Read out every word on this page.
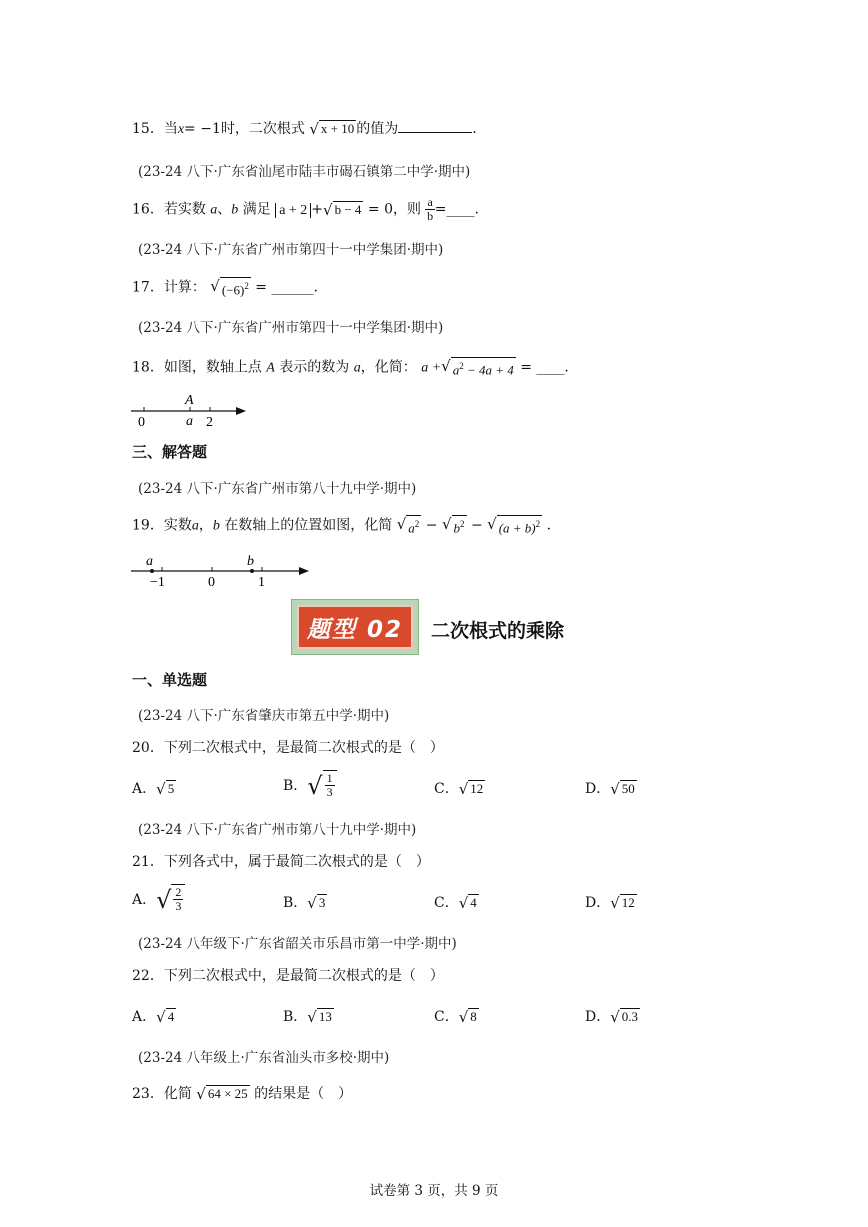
15．当x= −1时，二次根式 √ x + 10 的值为	.
(23-24 八下·广东省汕尾市陆丰市碣石镇第二中学·期中)
16．若实数 a、b 满足 a + 2 + √ b − 4 = 0，则 $\frac{a}{b}$ =____.
(23-24 八下·广东省广州市第四十一中学集团·期中)
17．计算： √ $(-6)^2$ = ______.
(23-24 八下·广东省广州市第四十一中学集团·期中)
18．如图，数轴上点 A 表示的数为 a，化简： a + √ $a^2 - 4a + 4$ = ____.
0
A
a 2
三、解答题
(23-24 八下·广东省广州市第八十九中学·期中)
19．实数a，b 在数轴上的位置如图，化简 √ $a^2$ − √ $b^2$ − √ $(a + b)^2$ .
a
−1	0
b
1
题型 02	二次根式的乘除
一、单选题
(23-24 八下·广东省肇庆市第五中学·期中)
20．下列二次根式中，是最简二次根式的是（　）
A． √ 5	B． √ $\frac{1}{3}$	C． √ 12	D． √ 50
(23-24 八下·广东省广州市第八十九中学·期中)
21．下列各式中，属于最简二次根式的是（　）
A． √ $\frac{2}{3}$	B． √ 3	C． √ 4	D． √ 12
(23-24 八年级下·广东省韶关市乐昌市第一中学·期中)
22．下列二次根式中，是最简二次根式的是（　）
A． √ 4	B． √ 13	C． √ 8	D． √ 0.3
(23-24 八年级上·广东省汕头市多校·期中)
23．化简 √ 64 × 25 的结果是（　）
试卷第 3 页，共 9 页
